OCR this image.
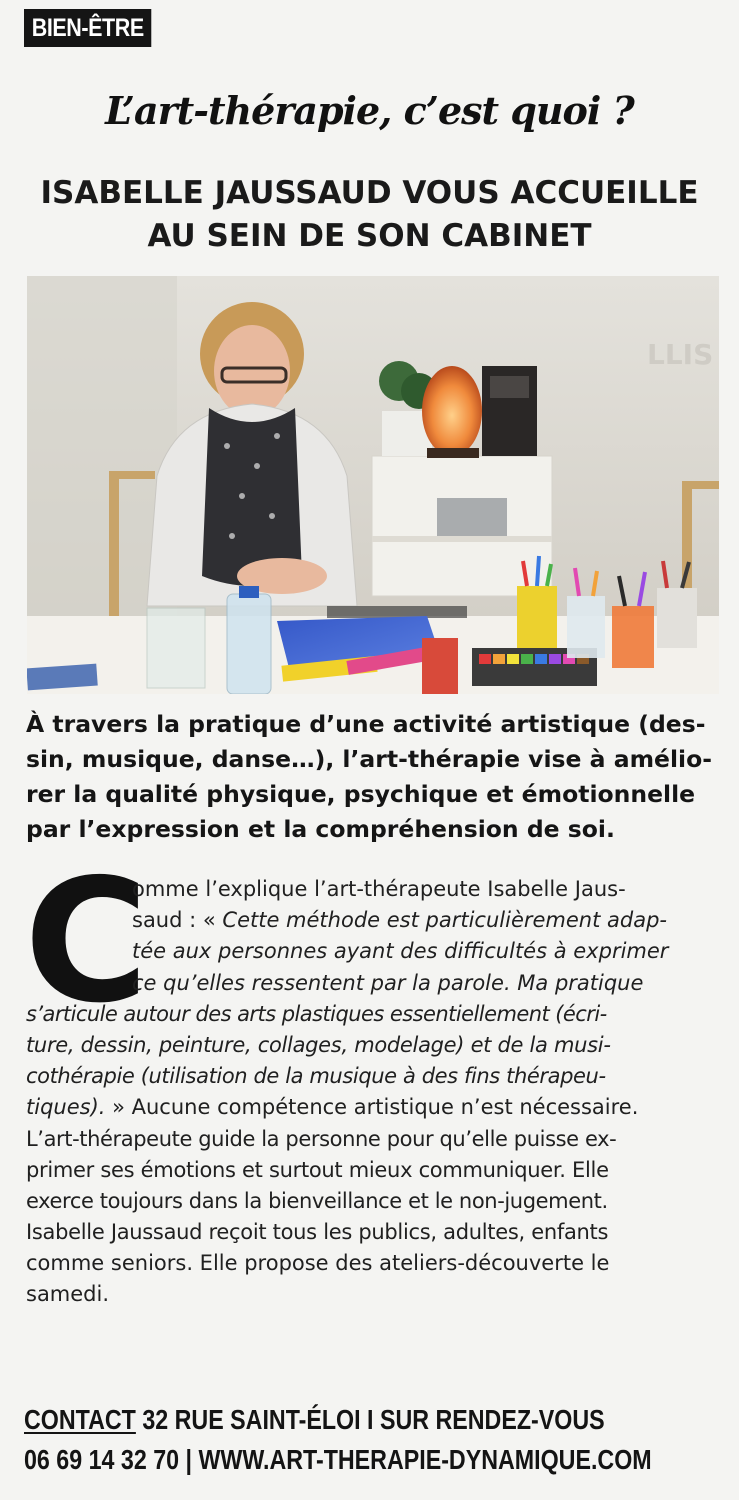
BIEN-ÊTRE
L’art-thérapie, c’est quoi ?
ISABELLE JAUSSAUD VOUS ACCUEILLE
AU SEIN DE SON CABINET
LLIS
À travers la pratique d’une activité artistique (des-
sin, musique, danse…), l’art-thérapie vise à amélio-
rer la qualité physique, psychique et émotionnelle
par l’expression et la compréhension de soi.
C
omme l’explique l’art-thérapeute Isabelle Jaus-
saud : « Cette méthode est particulièrement adap-
tée aux personnes ayant des difficultés à exprimer
ce qu’elles ressentent par la parole. Ma pratique
s’articule autour des arts plastiques essentiellement (écri-
ture, dessin, peinture, collages, modelage) et de la musi-
cothérapie (utilisation de la musique à des fins thérapeu-
tiques). » Aucune compétence artistique n’est nécessaire.
L’art-thérapeute guide la personne pour qu’elle puisse ex-
primer ses émotions et surtout mieux communiquer. Elle
exerce toujours dans la bienveillance et le non-jugement.
Isabelle Jaussaud reçoit tous les publics, adultes, enfants
comme seniors. Elle propose des ateliers-découverte le
samedi.
CONTACT 32 RUE SAINT-ÉLOI I SUR RENDEZ-VOUS
06 69 14 32 70 | WWW.ART-THERAPIE-DYNAMIQUE.COM
